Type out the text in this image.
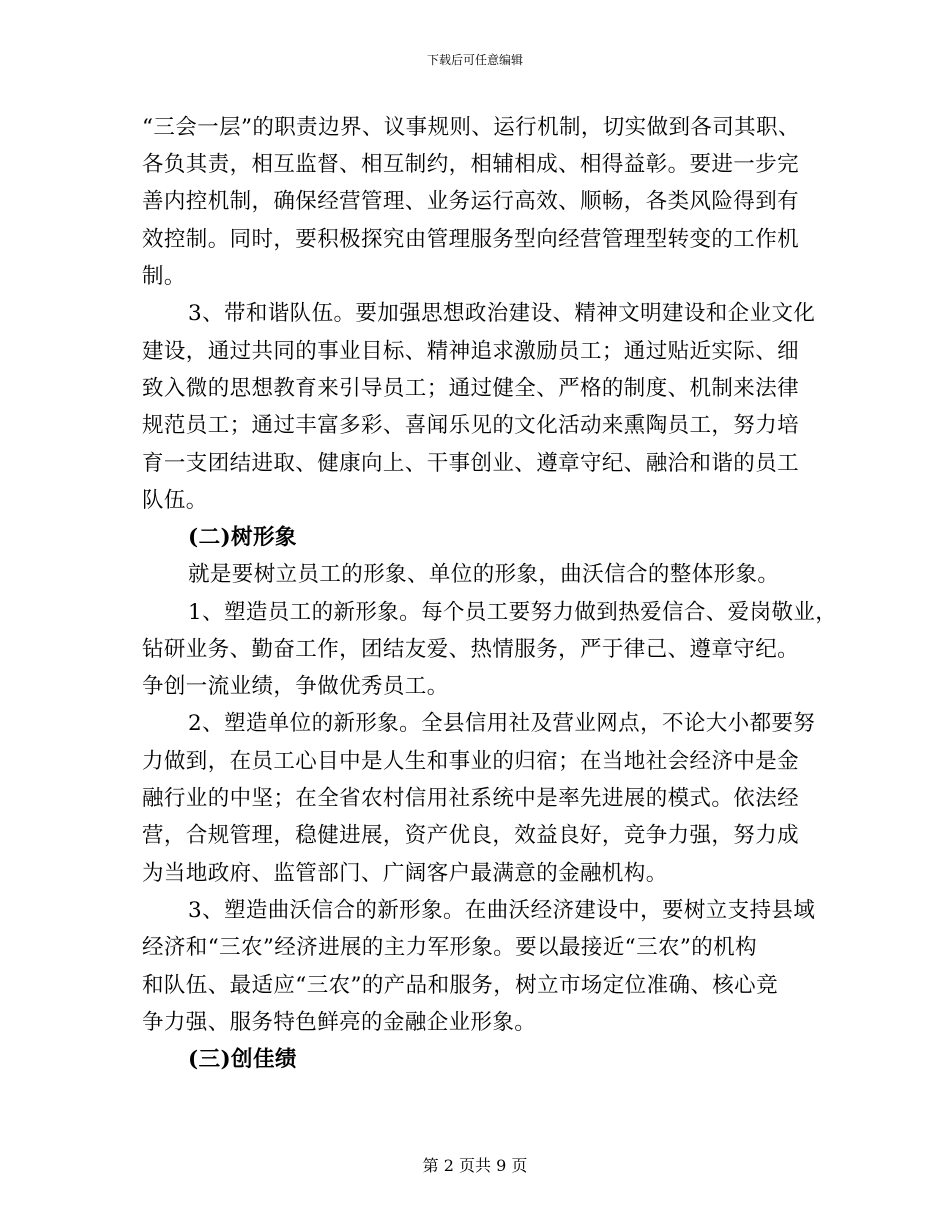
下载后可任意编辑
“三会一层”的职责边界、议事规则、运行机制，切实做到各司其职、
各负其责，相互监督、相互制约，相辅相成、相得益彰。要进一步完
善内控机制，确保经营管理、业务运行高效、顺畅，各类风险得到有
效控制。同时，要积极探究由管理服务型向经营管理型转变的工作机
制。
3、带和谐队伍。要加强思想政治建设、精神文明建设和企业文化
建设，通过共同的事业目标、精神追求激励员工；通过贴近实际、细
致入微的思想教育来引导员工；通过健全、严格的制度、机制来法律
规范员工；通过丰富多彩、喜闻乐见的文化活动来熏陶员工，努力培
育一支团结进取、健康向上、干事创业、遵章守纪、融洽和谐的员工
队伍。
(二)树形象
就是要树立员工的形象、单位的形象，曲沃信合的整体形象。
1、塑造员工的新形象。每个员工要努力做到热爱信合、爱岗敬业，
钻研业务、勤奋工作，团结友爱、热情服务，严于律己、遵章守纪。
争创一流业绩，争做优秀员工。
2、塑造单位的新形象。全县信用社及营业网点，不论大小都要努
力做到，在员工心目中是人生和事业的归宿；在当地社会经济中是金
融行业的中坚；在全省农村信用社系统中是率先进展的模式。依法经
营，合规管理，稳健进展，资产优良，效益良好，竞争力强，努力成
为当地政府、监管部门、广阔客户最满意的金融机构。
3、塑造曲沃信合的新形象。在曲沃经济建设中，要树立支持县域
经济和“三农”经济进展的主力军形象。要以最接近“三农”的机构
和队伍、最适应“三农”的产品和服务，树立市场定位准确、核心竞
争力强、服务特色鲜亮的金融企业形象。
(三)创佳绩
第 2 页共 9 页
